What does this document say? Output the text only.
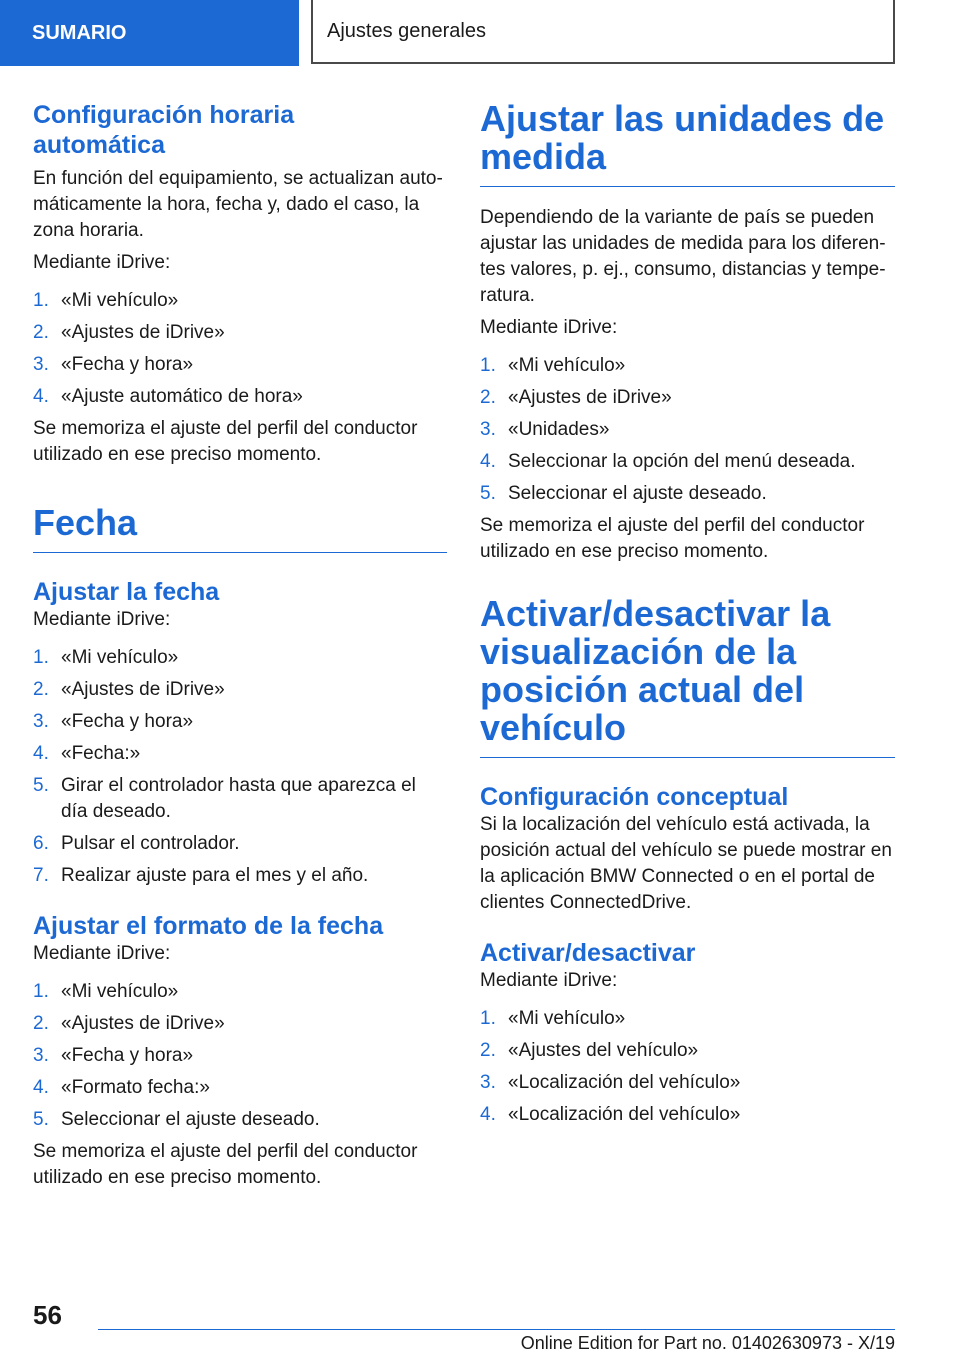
SUMARIO	Ajustes generales
Configuración horaria automática

En función del equipamiento, se actualizan automáticamente la hora, fecha y, dado el caso, la zona horaria.

Mediante iDrive:

1. «Mi vehículo»
2. «Ajustes de iDrive»
3. «Fecha y hora»
4. «Ajuste automático de hora»

Se memoriza el ajuste del perfil del conductor utilizado en ese preciso momento.

Fecha
Ajustar la fecha

Mediante iDrive:

1. «Mi vehículo»
2. «Ajustes de iDrive»
3. «Fecha y hora»
4. «Fecha:»
5. Girar el controlador hasta que aparezca el día deseado.
6. Pulsar el controlador.
7. Realizar ajuste para el mes y el año.
Ajustar el formato de la fecha

Mediante iDrive:

1. «Mi vehículo»
2. «Ajustes de iDrive»
3. «Fecha y hora»
4. «Formato fecha:»
5. Seleccionar el ajuste deseado.

Se memoriza el ajuste del perfil del conductor utilizado en ese preciso momento.

Ajustar las unidades de medida

Dependiendo de la variante de país se pueden ajustar las unidades de medida para los diferentes valores, p. ej., consumo, distancias y temperatura.

Mediante iDrive:

1. «Mi vehículo»
2. «Ajustes de iDrive»
3. «Unidades»
4. Seleccionar la opción del menú deseada.
5. Seleccionar el ajuste deseado.

Se memoriza el ajuste del perfil del conductor utilizado en ese preciso momento.

Activar/desactivar la visualización de la posición actual del vehículo
Configuración conceptual

Si la localización del vehículo está activada, la posición actual del vehículo se puede mostrar en la aplicación BMW Connected o en el portal de clientes ConnectedDrive.

Activar/desactivar

Mediante iDrive:

1. «Mi vehículo»
2. «Ajustes del vehículo»
3. «Localización del vehículo»
4. «Localización del vehículo»
56
Online Edition for Part no. 01402630973 - X/19
